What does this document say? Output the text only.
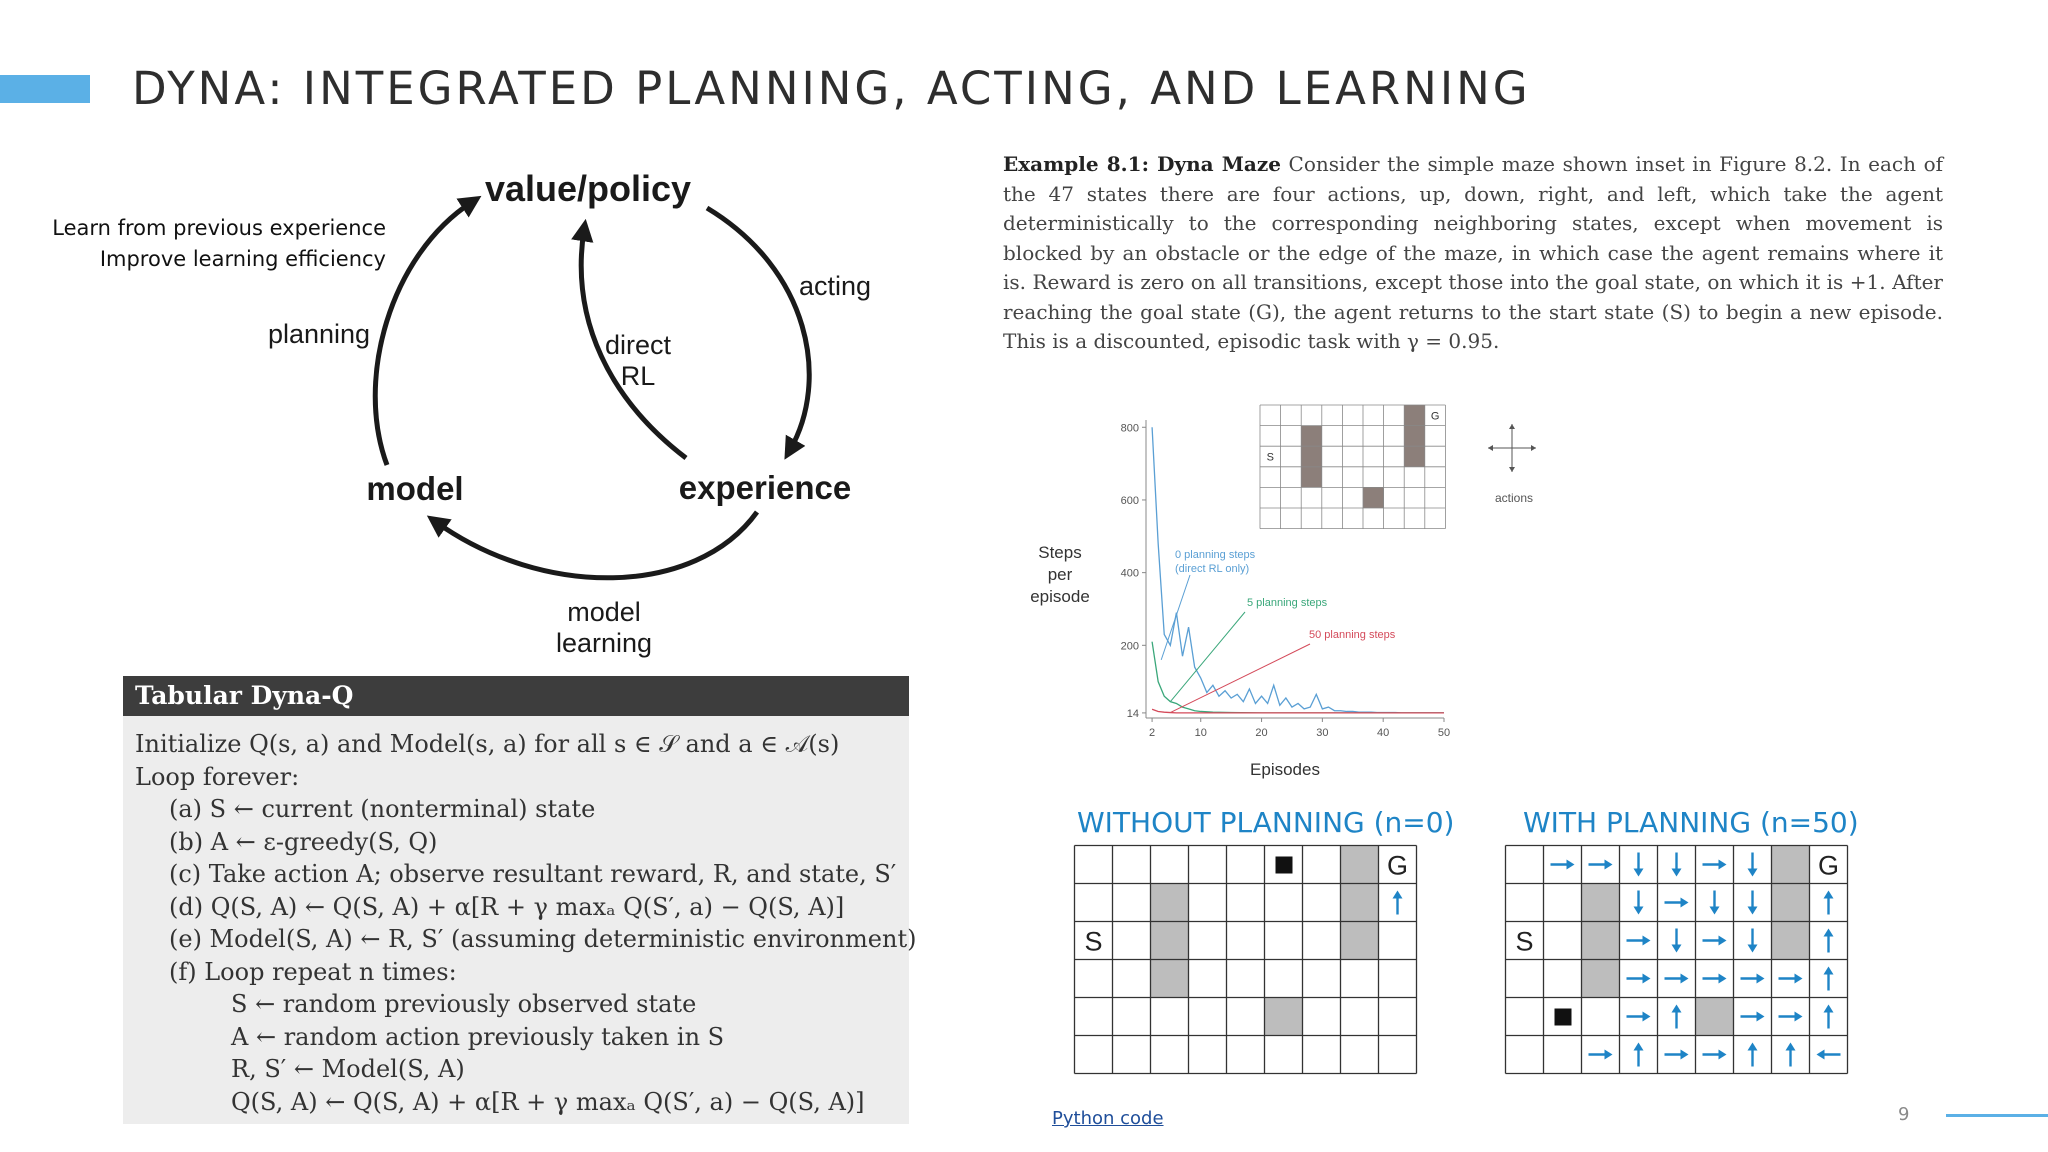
DYNA: INTEGRATED PLANNING, ACTING, AND LEARNING
Learn from previous experience
Improve learning efficiency
value/policy
model	experience
planning
acting
direct
RL
model
learning
Tabular Dyna-Q
Initialize Q(s, a) and Model(s, a) for all s ∈ 𝒮 and a ∈ 𝒜(s)
Loop forever:
(a) S ← current (nonterminal) state
(b) A ← ε-greedy(S, Q)
(c) Take action A; observe resultant reward, R, and state, S′
(d) Q(S, A) ← Q(S, A) + α[R + γ maxₐ Q(S′, a) − Q(S, A)]
(e) Model(S, A) ← R, S′ (assuming deterministic environment)
(f) Loop repeat n times:
S ← random previously observed state
A ← random action previously taken in S
R, S′ ← Model(S, A)
Q(S, A) ← Q(S, A) + α[R + γ maxₐ Q(S′, a) − Q(S, A)]
Example 8.1: Dyna Maze Consider the simple maze shown inset in Figure 8.2. In each of the 47 states there are four actions, up, down, right, and left, which take the agent deterministically to the corresponding neighboring states, except when movement is blocked by an obstacle or the edge of the maze, in which case the agent remains where it is. Reward is zero on all transitions, except those into the goal state, on which it is +1. After reaching the goal state (G), the agent returns to the start state (S) to begin a new episode. This is a discounted, episodic task with γ = 0.95.
14
200
400
600
800
2	10	20	30	40	50
Episodes
Steps
per
episode
0 planning steps
(direct RL only)
5 planning steps
50 planning steps
S
G
actions
WITHOUT PLANNING (n=0) WITH PLANNING (n=50)
S
G
S
G
Python code	9
